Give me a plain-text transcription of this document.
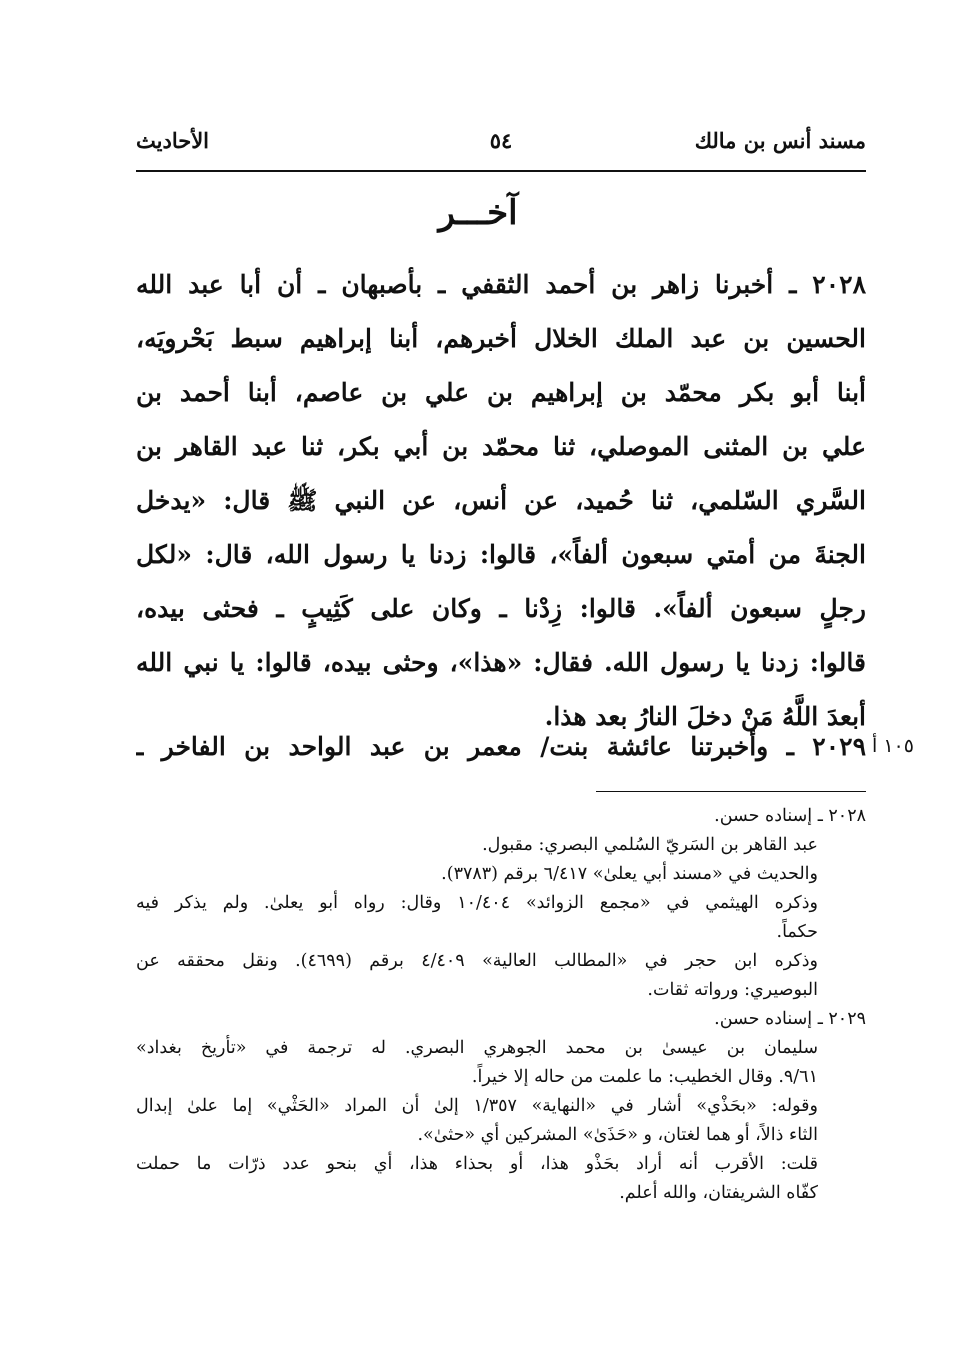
مسند أنس بن مالك
٥٤
الأحاديث
آخـــر
٢٠٢٨ ـ أخبرنا زاهر بن أحمد الثقفي ـ بأصبهان ـ أن أبا عبد الله
الحسين بن عبد الملك الخلال أخبرهم، أبنا إبراهيم سبط بَحْرويَه،
أبنا أبو بكر محمّد بن إبراهيم بن علي بن عاصم، أبنا أحمد بن
علي بن المثنى الموصلي، ثنا محمّد بن أبي بكر، ثنا عبد القاهر بن
السَّري السّلمي، ثنا حُميد، عن أنس، عن النبي ﷺ قال: «يدخل
الجنةَ من أمتي سبعون ألفاً»، قالوا: زدنا يا رسول الله، قال: «لكل
رجلٍ سبعون ألفاً». قالوا: زِدْنا ـ وكان على كَثِيبٍ ـ فحثى بيده،
قالوا: زدنا يا رسول الله. فقال: «هذا»، وحثى بيده، قالوا: يا نبي الله
أبعدَ اللَّهُ مَنْ دخلَ النارُ بعد هذا.
٢٠٢٩ ـ وأخبرتنا عائشة بنت/ معمر بن عبد الواحد بن الفاخر ـ ١٠٥ أ
٢٠٢٨ ـ إسناده حسن.
عبد القاهر بن السَريّ السُلمي البصري: مقبول.
والحديث في «مسند أبي يعلىٰ» ٦/٤١٧ برقم (٣٧٨٣).
وذكره الهيثمي في «مجمع الزوائد» ١٠/٤٠٤ وقال: رواه أبو يعلىٰ. ولم يذكر فيه
حكماً.
وذكره ابن حجر في «المطالب العالية» ٤/٤٠٩ برقم (٤٦٩٩). ونقل محققه عن
البوصيري: ورواته ثقات.
٢٠٢٩ ـ إسناده حسن.
سليمان بن عيسىٰ بن محمد الجوهري البصري. له ترجمة في «تأريخ بغداد»
٩/٦١. وقال الخطيب: ما علمت من حاله إلا خيراً.
وقوله: «بحَذْي» أشار في «النهاية» ١/٣٥٧ إلىٰ أن المراد «الحَثْي» إما علىٰ إبدال
الثاء ذالاً، أو هما لغتان، و «حَذَىٰ» المشركين أي «حثىٰ».
قلت: الأقرب أنه أراد بحَذْو هذا، أو بحذاء هذا، أي بنحو عدد ذرّات ما حملت
كفّاه الشريفتان، والله أعلم.
